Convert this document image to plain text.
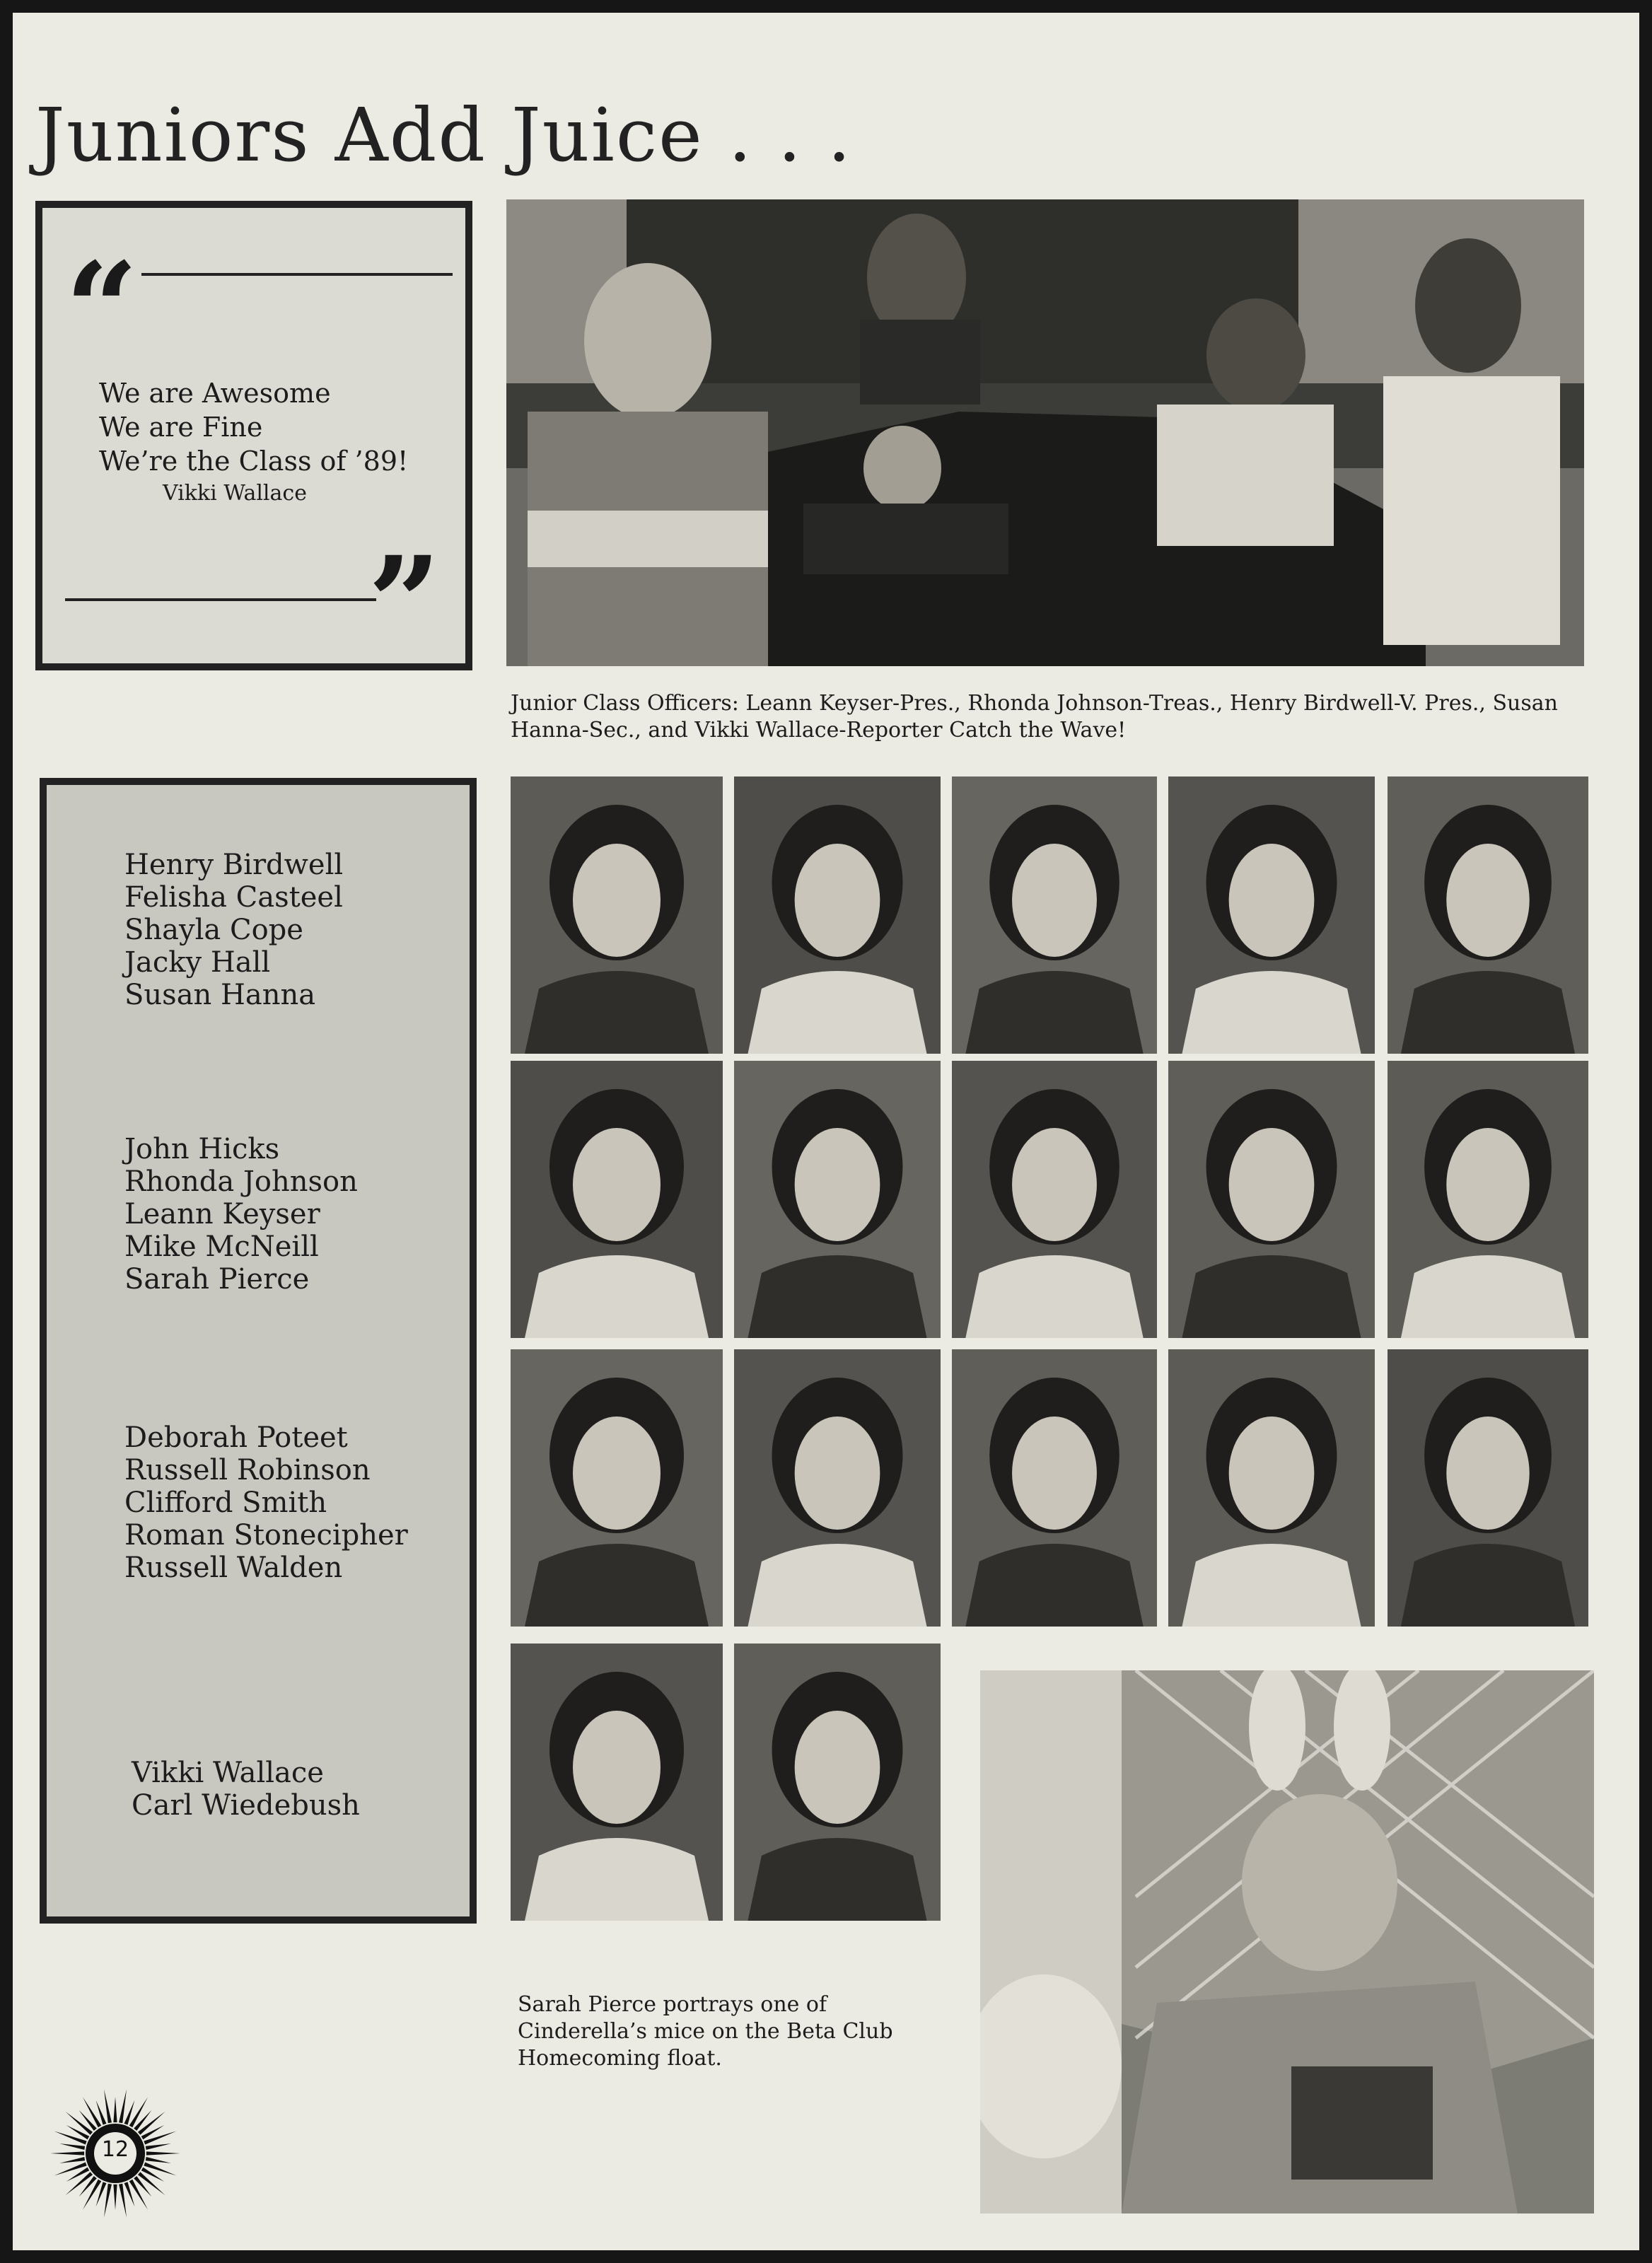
Juniors Add Juice . . .
“
We are Awesome
We are Fine
We’re the Class of ’89!
Vikki Wallace
”
Junior Class Officers: Leann Keyser-Pres., Rhonda Johnson-Treas., Henry Birdwell-V. Pres., Susan Hanna-Sec., and Vikki Wallace-Reporter Catch the Wave!
Henry Birdwell
Felisha Casteel
Shayla Cope
Jacky Hall
Susan Hanna
John Hicks
Rhonda Johnson
Leann Keyser
Mike McNeill
Sarah Pierce
Deborah Poteet
Russell Robinson
Clifford Smith
Roman Stonecipher
Russell Walden
Vikki Wallace
Carl Wiedebush
Sarah Pierce portrays one of Cinderella’s mice on the Beta Club Homecoming float.
12
